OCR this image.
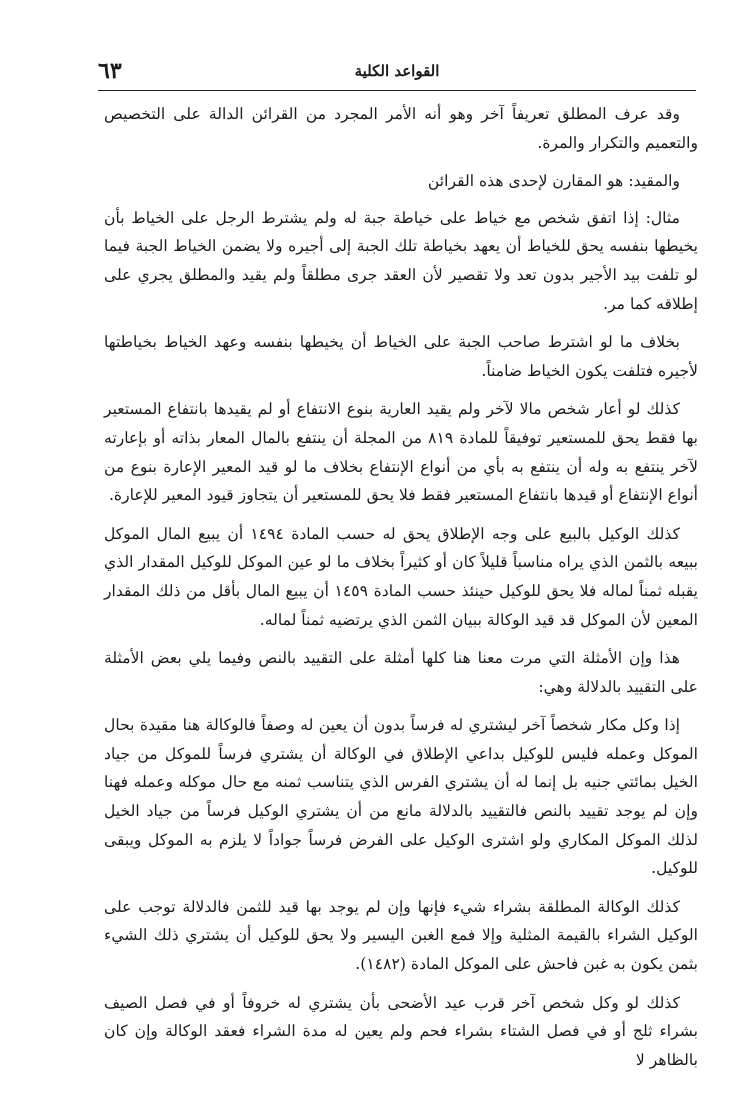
القواعد الكلية
٦٣

وقد عرف المطلق تعريفاً آخر وهو أنه الأمر المجرد من القرائن الدالة على التخصيص والتعميم والتكرار والمرة.

والمقيد: هو المقارن لإحدى هذه القرائن

مثال: إذا اتفق شخص مع خياط على خياطة جبة له ولم يشترط الرجل على الخياط بأن يخيطها بنفسه يحق للخياط أن يعهد بخياطة تلك الجبة إلى أجيره ولا يضمن الخياط الجبة فيما لو تلفت بيد الأجير بدون تعد ولا تقصير لأن العقد جرى مطلقاً ولم يقيد والمطلق يجري على إطلاقه كما مر.

بخلاف ما لو اشترط صاحب الجبة على الخياط أن يخيطها بنفسه وعهد الخياط بخياطتها لأجيره فتلفت يكون الخياط ضامناً.

كذلك لو أعار شخص مالا لآخر ولم يقيد العارية بنوع الانتفاع أو لم يقيدها بانتفاع المستعير بها فقط يحق للمستعير توفيقاً للمادة ٨١٩ من المجلة أن ينتفع بالمال المعار بذاته أو بإعارته لآخر ينتفع به وله أن ينتفع به بأي من أنواع الإنتفاع بخلاف ما لو قيد المعير الإعارة بنوع من أنواع الإنتفاع أو قيدها بانتفاع المستعير فقط فلا يحق للمستعير أن يتجاوز قيود المعير للإعارة.

كذلك الوكيل بالبيع على وجه الإطلاق يحق له حسب المادة ١٤٩٤ أن يبيع المال الموكل ببيعه بالثمن الذي يراه مناسباً قليلاً كان أو كثيراً بخلاف ما لو عين الموكل للوكيل المقدار الذي يقبله ثمناً لماله فلا يحق للوكيل حينئذ حسب المادة ١٤٥٩ أن يبيع المال بأقل من ذلك المقدار المعين لأن الموكل قد قيد الوكالة ببيان الثمن الذي يرتضيه ثمناً لماله.

هذا وإن الأمثلة التي مرت معنا هنا كلها أمثلة على التقييد بالنص وفيما يلي بعض الأمثلة على التقييد بالدلالة وهي:

إذا وكل مكار شخصاً آخر ليشتري له فرساً بدون أن يعين له وصفاً فالوكالة هنا مقيدة بحال الموكل وعمله فليس للوكيل بداعي الإطلاق في الوكالة أن يشتري فرساً للموكل من جياد الخيل بمائتي جنيه بل إنما له أن يشتري الفرس الذي يتناسب ثمنه مع حال موكله وعمله فهنا وإن لم يوجد تقييد بالنص فالتقييد بالدلالة مانع من أن يشتري الوكيل فرساً من جياد الخيل لذلك الموكل المكاري ولو اشترى الوكيل على الفرض فرساً جواداً لا يلزم به الموكل ويبقى للوكيل.

كذلك الوكالة المطلقة بشراء شيء فإنها وإن لم يوجد بها قيد للثمن فالدلالة توجب على الوكيل الشراء بالقيمة المثلية وإلا فمع الغبن اليسير ولا يحق للوكيل أن يشتري ذلك الشيء بثمن يكون به غبن فاحش على الموكل المادة (١٤٨٢).

كذلك لو وكل شخص آخر قرب عيد الأضحى بأن يشتري له خروفاً أو في فصل الصيف بشراء ثلج أو في فصل الشتاء بشراء فحم ولم يعين له مدة الشراء فعقد الوكالة وإن كان بالظاهر لا
